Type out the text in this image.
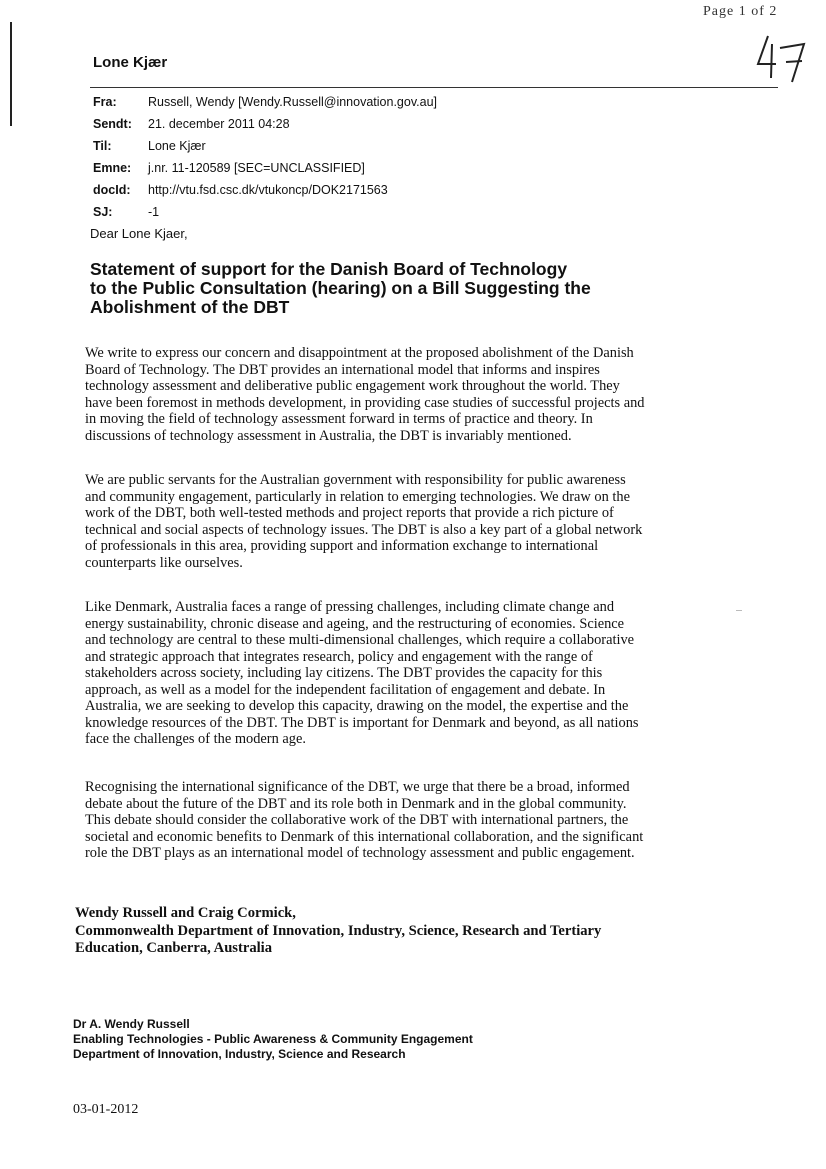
Page 1 of 2
Lone Kjær
Fra:	Russell, Wendy [Wendy.Russell@innovation.gov.au]
Sendt: 21. december 2011 04:28
Til:	Lone Kjær
Emne: j.nr. 11-120589 [SEC=UNCLASSIFIED]
docId: http://vtu.fsd.csc.dk/vtukoncp/DOK2171563
SJ:	-1
Dear Lone Kjaer,
Statement of support for the Danish Board of Technology
to the Public Consultation (hearing) on a Bill Suggesting the
Abolishment of the DBT

We write to express our concern and disappointment at the proposed abolishment of the Danish

Board of Technology. The DBT provides an international model that informs and inspires

technology assessment and deliberative public engagement work throughout the world. They

have been foremost in methods development, in providing case studies of successful projects and

in moving the field of technology assessment forward in terms of practice and theory. In

discussions of technology assessment in Australia, the DBT is invariably mentioned.

We are public servants for the Australian government with responsibility for public awareness

and community engagement, particularly in relation to emerging technologies. We draw on the

work of the DBT, both well-tested methods and project reports that provide a rich picture of

technical and social aspects of technology issues. The DBT is also a key part of a global network

of professionals in this area, providing support and information exchange to international

counterparts like ourselves.

Like Denmark, Australia faces a range of pressing challenges, including climate change and

energy sustainability, chronic disease and ageing, and the restructuring of economies. Science

and technology are central to these multi-dimensional challenges, which require a collaborative

and strategic approach that integrates research, policy and engagement with the range of

stakeholders across society, including lay citizens. The DBT provides the capacity for this

approach, as well as a model for the independent facilitation of engagement and debate. In

Australia, we are seeking to develop this capacity, drawing on the model, the expertise and the

knowledge resources of the DBT. The DBT is important for Denmark and beyond, as all nations

face the challenges of the modern age.

Recognising the international significance of the DBT, we urge that there be a broad, informed

debate about the future of the DBT and its role both in Denmark and in the global community.

This debate should consider the collaborative work of the DBT with international partners, the

societal and economic benefits to Denmark of this international collaboration, and the significant

role the DBT plays as an international model of technology assessment and public engagement.

Wendy Russell and Craig Cormick,
Commonwealth Department of Innovation, Industry, Science, Research and Tertiary
Education, Canberra, Australia
Dr A. Wendy Russell
Enabling Technologies - Public Awareness & Community Engagement
Department of Innovation, Industry, Science and Research
03-01-2012
